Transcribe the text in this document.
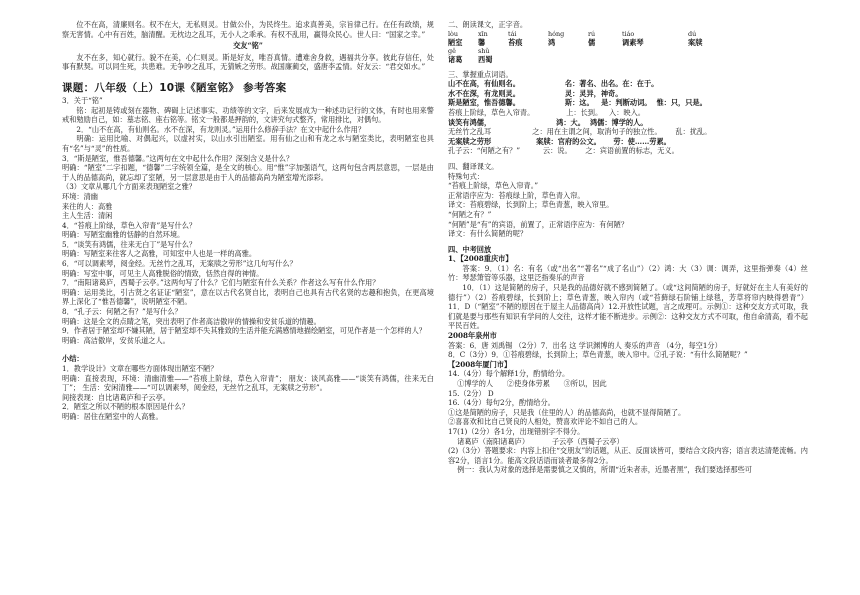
位不在高，清廉则名。权不在大，无私则灵。甘做公仆，为民终生。追求真善美，宗旨律己行。在任有政绩，规察无害情。心中有百姓，脑清醒。无枕边之乱耳，无小人之乖承。有权不乱用，赢得众民心。世人曰：“国家之幸。”

交友“铭”

友不在多，知心就行。貌不在美，心仁则灵。斯是好友，唯吾真情。遭难舍身救，遇福共分享。彼此存信任，处事有默契。可以同生死，共患难。无争吵之乱耳，无猜嫉之劳形。战国廉蔺交，盛唐李孟情。好友云：“君交如水。”

课题：八年级（上）10课《陋室铭》 参考答案

3．关于“铭”

铭：起初是铸或刻在器物、碑碣上记述事实、功绩等的文字，后来发展成为一种述功记行的文体，有时也用来警戒和勉励自己，如：墓志铭、座右铭等。铭文一般都是押韵的，文讲究句式整齐，常用排比，对偶句。

2．“山不在高，有仙则名。水不在深，有龙则灵。”运用什么修辞手法？在文中起什么作用？

明确：运用比喻、对偶起兴，以虚衬实，以山水引出陋室。用有仙之山和有龙之水与陋室类比，表明陋室也具有“名”与“灵”的性质。

3．“斯是陋室，惟吾德馨。”这两句在文中起什么作用？深刻含义是什么？

明确：“陋室”二字扣题，“德馨”二字统领全篇，是全文的核心。用“惟”字加强语气，这两句包含两层意思，一层是由于人的品德高尚，就忘却了室陋，另一层意思是由于人的品德高尚为陋室增光添彩。

（3）文章从哪几个方面来表现陋室之雅？

环境：清幽

来往的人：高雅

主人生活：清闲

4．“苔痕上阶绿，草色入帘青”是写什么？

明确：写陋室幽雅的恬静的自然环境。

5．“谈笑有鸿儒，往来无白丁”是写什么？

明确：写陋室来往客人之高雅，可知室中人也是一样的高雅。

6．“可以调素琴，阅金经。无丝竹之乱耳，无案牍之劳形”这几句写什么？

明确：写室中事，可见主人高雅脱俗的情致，恬然自得的神情。

7．“南阳诸葛庐，西蜀子云亭。”这两句写了什么？它们与陋室有什么关系？作者这么写有什么作用？

明确：运用类比，引古贤之名证证“陋室”，意在以古代名贤自比，表明自己也具有古代名贤的志趣和抱负，在更高境界上深化了“惟吾德馨”，说明陋室不陋。

8．“孔子云：何陋之有？”是写什么？

明确：这是全文的点睛之笔，突出表明了作者高洁傲岸的情操和安贫乐道的情趣。

9．作者居于陋室却不嫌其陋，居于陋室却不失其雅致的生活并能充满感情地描绘陋室，可见作者是一个怎样的人？

明确：高洁傲岸，安贫乐道之人。

小结：

1．教学设计》文章在哪些方面体现出陋室不陋？

明确：直接表现，环境：清幽清雅——“苔痕上阶绿，草色入帘青”； 朋友：谈风高雅——“谈笑有鸿儒，往来无白丁”； 生活：安闲清雅——“可以调素琴，阅金经，无丝竹之乱耳，无案牍之劳形”。

间接表现：自比诸葛庐和子云亭。

2．陋室之所以不陋的根本原因是什么？

明确：居住在陋室中的人高雅。

二、朗读课文，正字音。

lòu	xīn	tái	hóng	rú	tiáo	dú
陋室	馨	苔痕	鸿	儒	调素琴	案牍
gě	shǔ
诸葛	西蜀

三、掌握重点词语。

山不在高，有仙则名。                  名：著名、出名。在：在于。

水不在深，有龙则灵。                  灵：灵异，神奇。

斯是陋室，惟吾德馨。                  斯：这。   是：判断动词。  惟：只，只是。

苔痕上阶绿，草色入帘青。              上：长到。   入：映入。

谈笑有鸿儒，                          鸿：大。  鸿儒：博学的人。

无丝竹之乱耳                  之：用在主谓之间，取消句子的独立性。      乱：扰乱。

无案牍之劳形                  案牍：官府的公文。     劳：使……劳累。

孔子云：“何陋之有？”          云：说。      之：宾语前置的标志，无义。

四、翻译课文。

特殊句式：

“苔痕上阶绿，草色入帘青。”

正常语序应为：苔痕绿上阶，草色青入帘。

译文：苔痕碧绿，长到阶上；草色青葱，映入帘里。

“何陋之有？”

“何陋”是“有”的宾语，前置了，正常语序应为：有何陋？

译文：有什么简陋的呢？

四、中考回放

1、【2008重庆市】

答案：9．（1）名：有名（或“出名”“著名”“成了名山”）（2）鸿：大（3）调：调弄，这里指弹奏（4）丝竹：琴瑟箫管等乐器，这里泛指奏乐的声音

10．（1）这是简陋的房子，只是我的品德好就不感到简陋了。（或“这间简陋的房子，好就好在主人有美好的德行”）（2）苔痕碧绿，长到阶上；草色青葱，映入帘内（或“苔藓绿石阶铺上绿毯，芳草将帘内映得碧青”） 11．D（“陋室”不陋的原因在于屋主人品德高尚）12.开放性试题，言之成理可。示例①：这种交友方式可取，我们就是要与那些有知识有学问的人交往，这样才能不断进步。示例②：这种交友方式不可取，他自命清高，看不起平民百姓。

2008年泉州市

答案：6．唐 刘禹锡 （2分）7．出名 这 学识渊博的人 奏乐的声音 （4分，每空1分）

8．C（3分）9．①苔痕碧绿，长到阶上；草色青葱，映入帘中。②孔子说：“有什么简陋呢？”

【2008年厦门市】

14.（4分）每个解释1分，酌情给分。

①博学的人      ②使身体劳累      ③所以，因此

15.（2分） D

16.（4分）每句2分，酌情给分。

①这是简陋的房子，只是我（住里的人）的品德高尚，也就不显得简陋了。

②喜喜欢和比自己贤良的人相处，赞喜欢评论不如自己的人。

17(1)（2分）各1分，出现错别字不得分。

诸葛庐（南阳诸葛庐）          子云亭（西蜀子云亭）

(2)（3分）答题要求：内容上扣住“交朋友”的话题，从正、反面谈皆可，要结合文段内容；语言表达清楚流畅。内容2分，语言1分。能高文段话语而谈者最多得2分。

例一：我认为对象的选择是需要慎之又慎的，所谓“近朱者赤，近墨者黑”，我们要选择那些可
